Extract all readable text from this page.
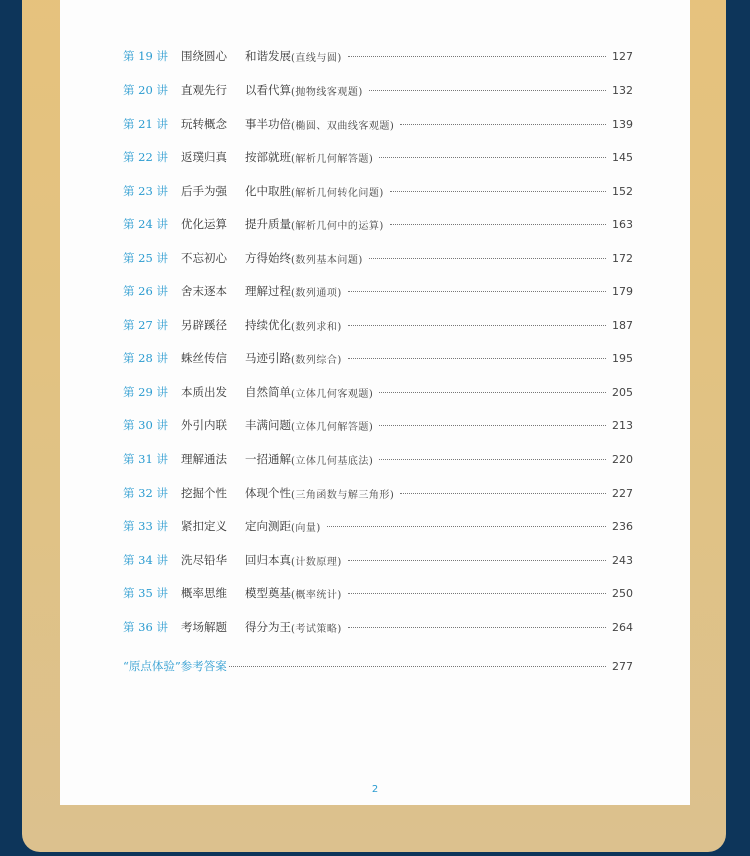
第 19 讲	围绕圆心	和谐发展 (直线与圆)	127
第 20 讲	直观先行	以看代算 (抛物线客观题)	132
第 21 讲	玩转概念	事半功倍 (椭圆、双曲线客观题)	139
第 22 讲	返璞归真	按部就班 (解析几何解答题)	145
第 23 讲	后手为强	化中取胜 (解析几何转化问题)	152
第 24 讲	优化运算	提升质量 (解析几何中的运算)	163
第 25 讲	不忘初心	方得始终 (数列基本问题)	172
第 26 讲	舍末逐本	理解过程 (数列通项)	179
第 27 讲	另辟蹊径	持续优化 (数列求和)	187
第 28 讲	蛛丝传信	马迹引路 (数列综合)	195
第 29 讲	本质出发	自然简单 (立体几何客观题)	205
第 30 讲	外引内联	丰满问题 (立体几何解答题)	213
第 31 讲	理解通法	一招通解 (立体几何基底法)	220
第 32 讲	挖掘个性	体现个性 (三角函数与解三角形)	227
第 33 讲	紧扣定义	定向测距 (向量)	236
第 34 讲	洗尽铅华	回归本真 (计数原理)	243
第 35 讲	概率思维	模型奠基 (概率统计)	250
第 36 讲	考场解题	得分为王 (考试策略)	264
“原点体验”参考答案	277
2
